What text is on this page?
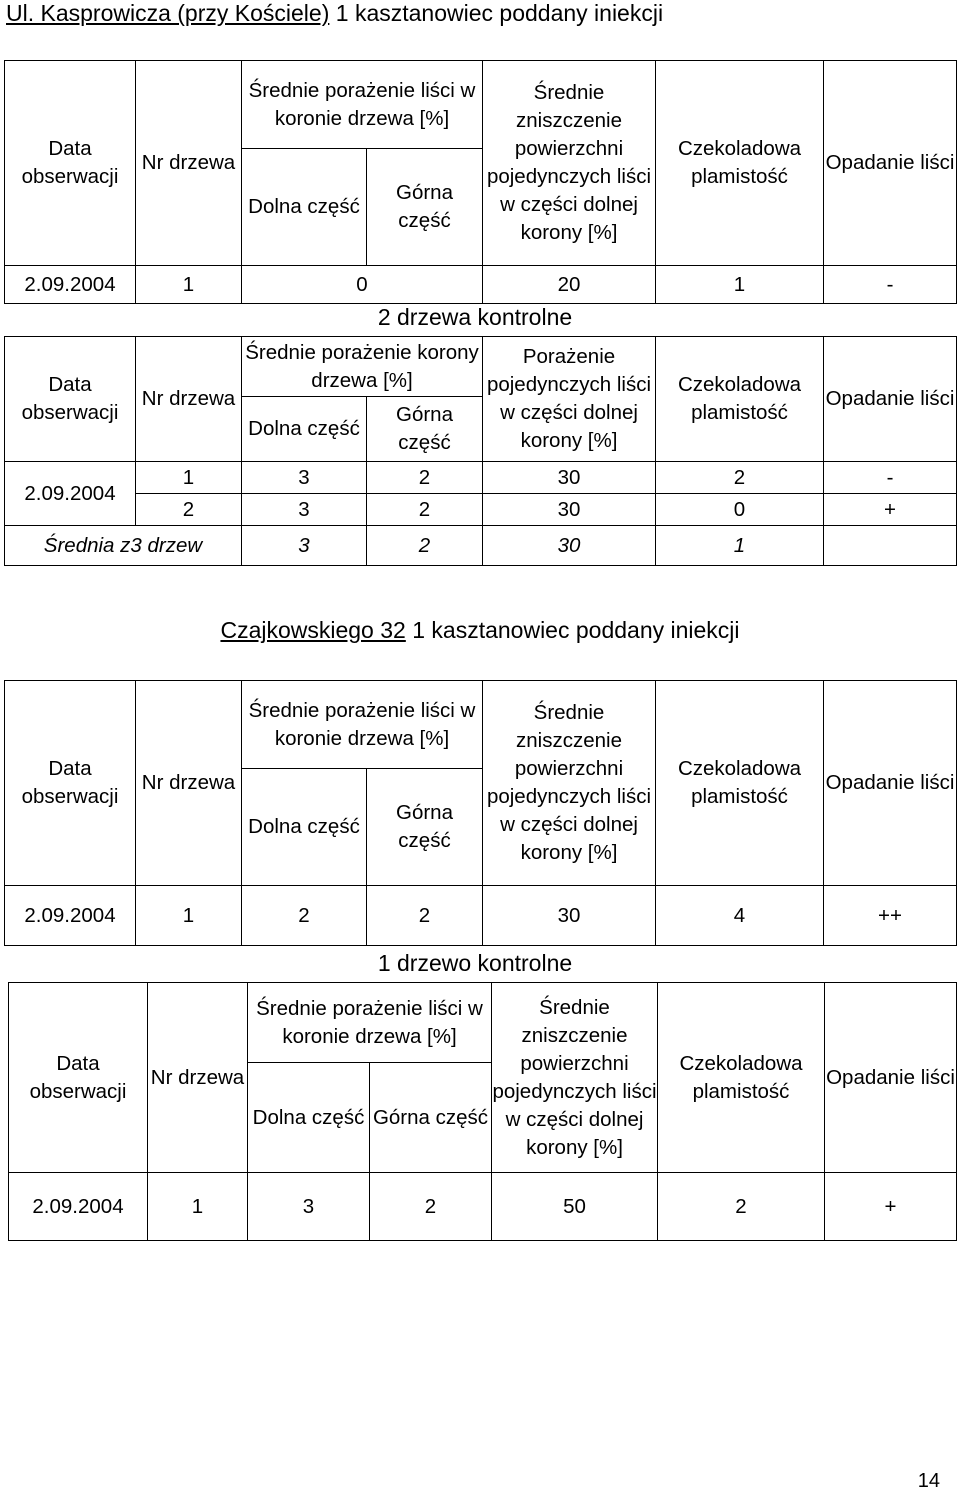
Ul. Kasprowicza (przy Kościele) 1 kasztanowiec poddany iniekcji
Data obserwacji	Nr drzewa	Średnie porażenie liści w koronie drzewa [%]		Średnie zniszczenie powierzchni pojedynczych liści w części dolnej korony [%]	Czekoladowa plamistość	Opadanie liści
		Dolna część	Górna część			
2.09.2004	1	0		20	1	-
2 drzewa kontrolne
Data obserwacji	Nr drzewa	Średnie porażenie korony drzewa [%]		Porażenie pojedynczych liści w części dolnej korony [%]	Czekoladowa plamistość	Opadanie liści
		Dolna część	Górna część			
2.09.2004	1	3	2	30	2	-
	2	3	2	30	0	+
Średnia z3 drzew		3	2	30	1	
Czajkowskiego 32 1 kasztanowiec poddany iniekcji
Data obserwacji	Nr drzewa	Średnie porażenie liści w koronie drzewa [%]		Średnie zniszczenie powierzchni pojedynczych liści w części dolnej korony [%]	Czekoladowa plamistość	Opadanie liści
		Dolna część	Górna część			
2.09.2004	1	2	2	30	4	++
1 drzewo kontrolne
Data obserwacji	Nr drzewa	Średnie porażenie liści w koronie drzewa [%]		Średnie zniszczenie powierzchni pojedynczych liści w części dolnej korony [%]	Czekoladowa plamistość	Opadanie liści
		Dolna część	Górna część			
2.09.2004	1	3	2	50	2	+
14
